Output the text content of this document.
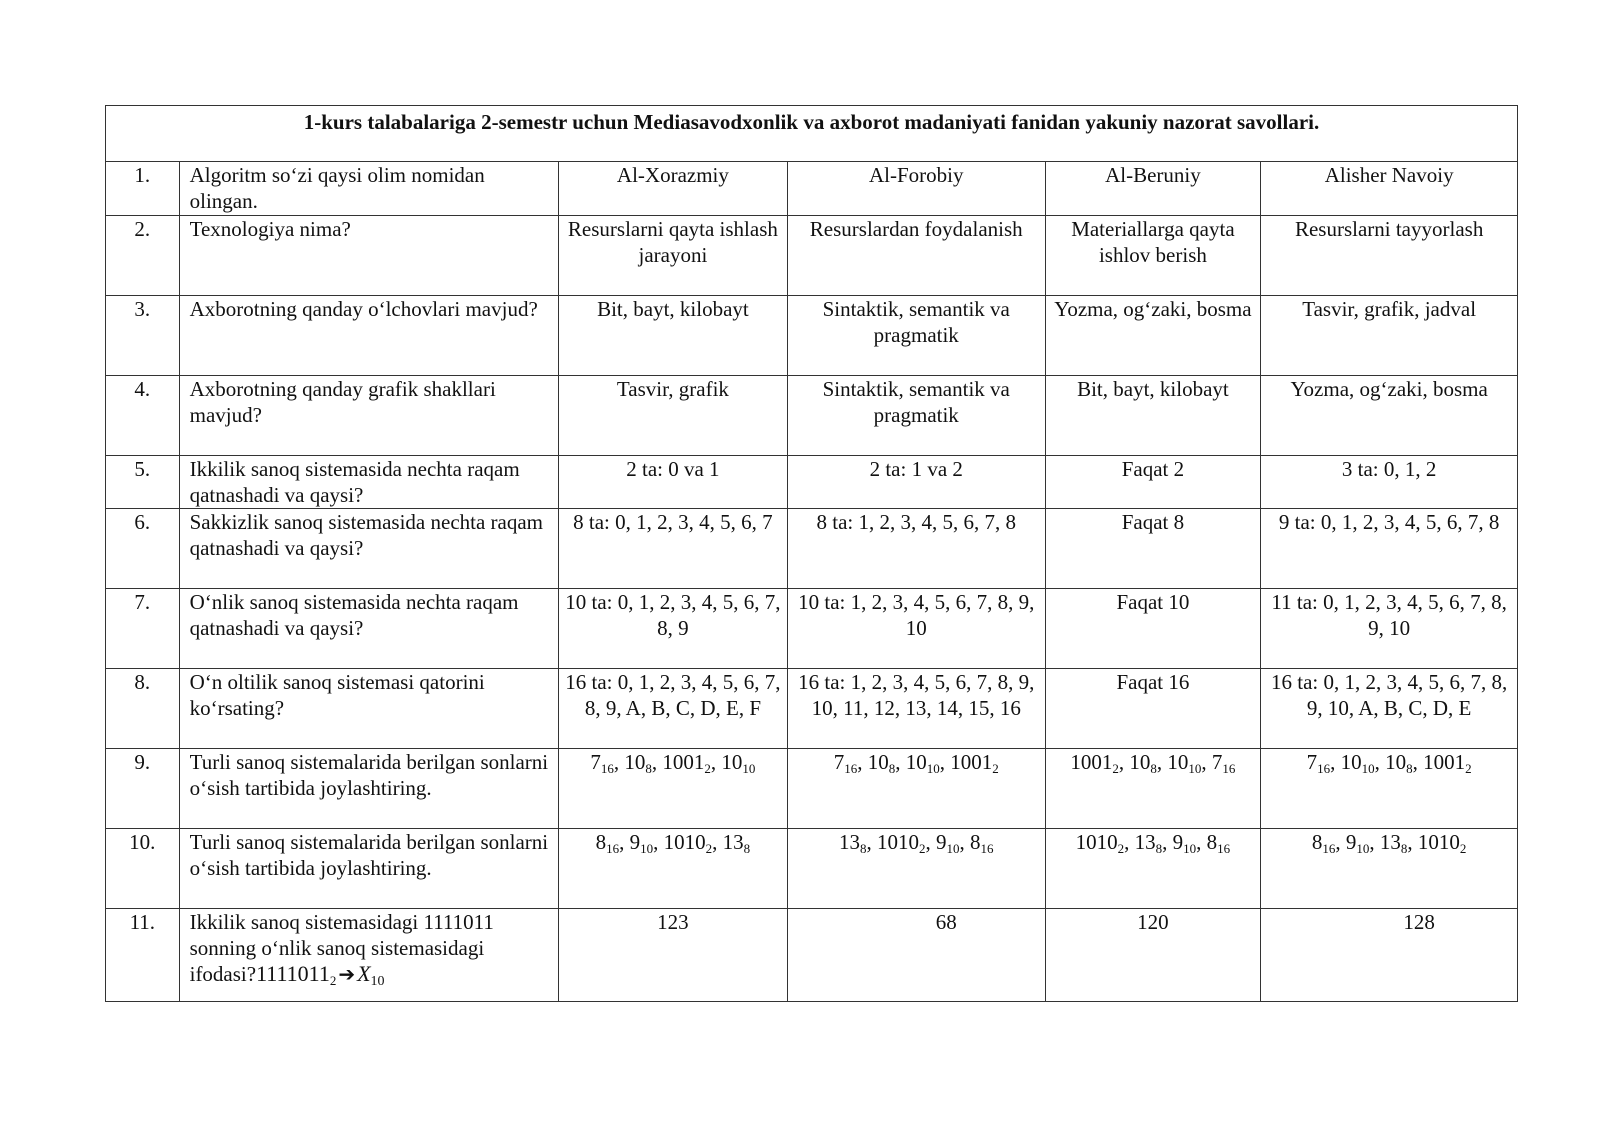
1-kurs talabalariga 2-semestr uchun Mediasavodxonlik va axborot madaniyati fanidan yakuniy nazorat savollari.					
1.	Algoritm so‘zi qaysi olim nomidan olingan.	Al-Xorazmiy	Al-Forobiy	Al-Beruniy	Alisher Navoiy
2.	Texnologiya nima?	Resurslarni qayta ishlash jarayoni	Resurslardan foydalanish	Materiallarga qayta ishlov berish	Resurslarni tayyorlash
3.	Axborotning qanday o‘lchovlari mavjud?	Bit, bayt, kilobayt	Sintaktik, semantik va pragmatik	Yozma, og‘zaki, bosma	Tasvir, grafik, jadval
4.	Axborotning qanday grafik shakllari mavjud?	Tasvir, grafik	Sintaktik, semantik va pragmatik	Bit, bayt, kilobayt	Yozma, og‘zaki, bosma
5.	Ikkilik sanoq sistemasida nechta raqam qatnashadi va qaysi?	2 ta: 0 va 1	2 ta: 1 va 2	Faqat 2	3 ta: 0, 1, 2
6.	Sakkizlik sanoq sistemasida nechta raqam qatnashadi va qaysi?	8 ta: 0, 1, 2, 3, 4, 5, 6, 7	8 ta: 1, 2, 3, 4, 5, 6, 7, 8	Faqat 8	9 ta: 0, 1, 2, 3, 4, 5, 6, 7, 8
7.	O‘nlik sanoq sistemasida nechta raqam qatnashadi va qaysi?	10 ta: 0, 1, 2, 3, 4, 5, 6, 7, 8, 9	10 ta: 1, 2, 3, 4, 5, 6, 7, 8, 9, 10	Faqat 10	11 ta: 0, 1, 2, 3, 4, 5, 6, 7, 8, 9, 10
8.	O‘n oltilik sanoq sistemasi qatorini ko‘rsating?	16 ta: 0, 1, 2, 3, 4, 5, 6, 7, 8, 9, A, B, C, D, E, F	16 ta: 1, 2, 3, 4, 5, 6, 7, 8, 9, 10, 11, 12, 13, 14, 15, 16	Faqat 16	16 ta: 0, 1, 2, 3, 4, 5, 6, 7, 8, 9, 10, A, B, C, D, E
9.	Turli sanoq sistemalarida berilgan sonlarni o‘sish tartibida joylashtiring.	$7_{16}$, $10_8$, $1001_2$, $10_{10}$	$7_{16}$, $10_8$, $10_{10}$, $1001_2$	$1001_2$, $10_8$, $10_{10}$, $7_{16}$	$7_{16}$, $10_{10}$, $10_8$, $1001_2$
10.	Turli sanoq sistemalarida berilgan sonlarni o‘sish tartibida joylashtiring.	$8_{16}$, $9_{10}$, $1010_2$, $13_8$	$13_8$, $1010_2$, $9_{10}$, $8_{16}$	$1010_2$, $13_8$, $9_{10}$, $8_{16}$	$8_{16}$, $9_{10}$, $13_8$, $1010_2$
11.	Ikkilik sanoq sistemasidagi 1111011 sonning o‘nlik sanoq sistemasidagi $ifodasi?1111011_2$ $➔X_{10}$	123	68	120	128
